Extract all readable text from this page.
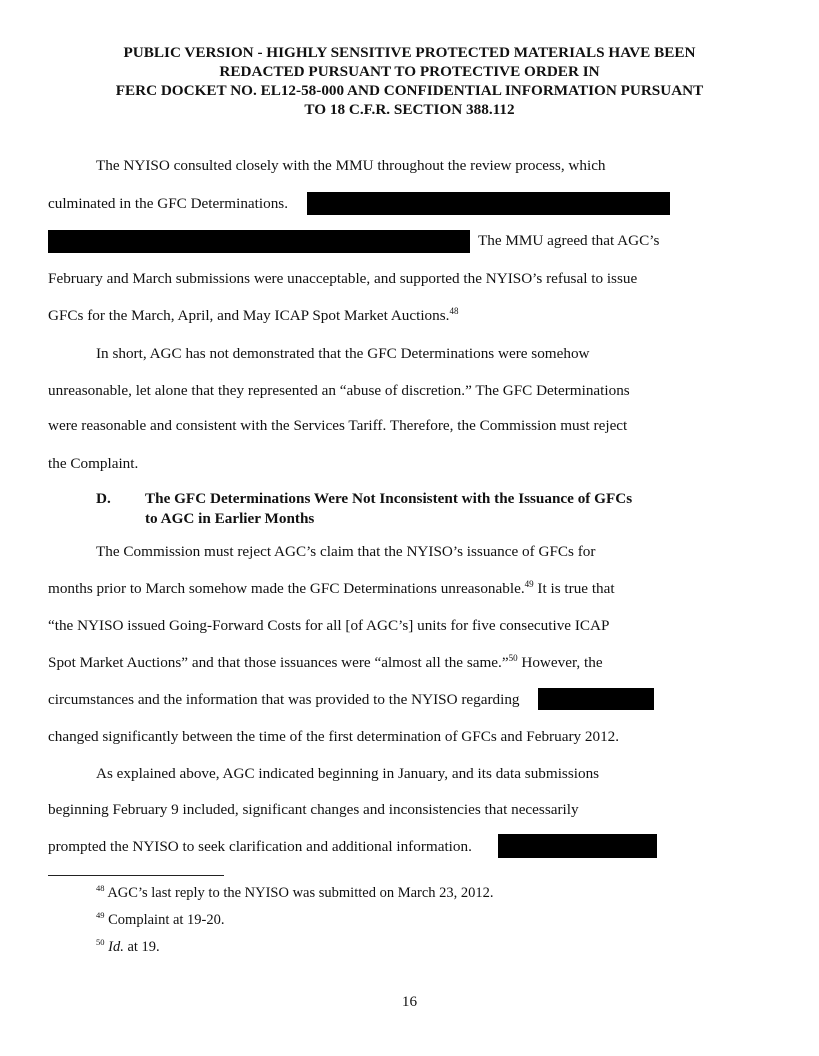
PUBLIC VERSION - HIGHLY SENSITIVE PROTECTED MATERIALS HAVE BEEN
REDACTED PURSUANT TO PROTECTIVE ORDER IN
FERC DOCKET NO. EL12-58-000 AND CONFIDENTIAL INFORMATION PURSUANT
TO 18 C.F.R. SECTION 388.112
The NYISO consulted closely with the MMU throughout the review process, which
culminated in the GFC Determinations.
The MMU agreed that AGC’s
February and March submissions were unacceptable, and supported the NYISO’s refusal to issue
GFCs for the March, April, and May ICAP Spot Market Auctions.$^{48}$
In short, AGC has not demonstrated that the GFC Determinations were somehow
unreasonable, let alone that they represented an “abuse of discretion.” The GFC Determinations
were reasonable and consistent with the Services Tariff. Therefore, the Commission must reject
the Complaint.
D. The GFC Determinations Were Not Inconsistent with the Issuance of GFCs
to AGC in Earlier Months
The Commission must reject AGC’s claim that the NYISO’s issuance of GFCs for
months prior to March somehow made the GFC Determinations unreasonable.$^{49}$ It is true that
“the NYISO issued Going-Forward Costs for all [of AGC’s] units for five consecutive ICAP
Spot Market Auctions” and that those issuances were “almost all the same.”$^{50}$ However, the
circumstances and the information that was provided to the NYISO regarding
changed significantly between the time of the first determination of GFCs and February 2012.
As explained above, AGC indicated beginning in January, and its data submissions
beginning February 9 included, significant changes and inconsistencies that necessarily
prompted the NYISO to seek clarification and additional information.
$^{48}$ AGC’s last reply to the NYISO was submitted on March 23, 2012.
$^{49}$ Complaint at 19-20.
$^{50}$ Id. at 19.
16
